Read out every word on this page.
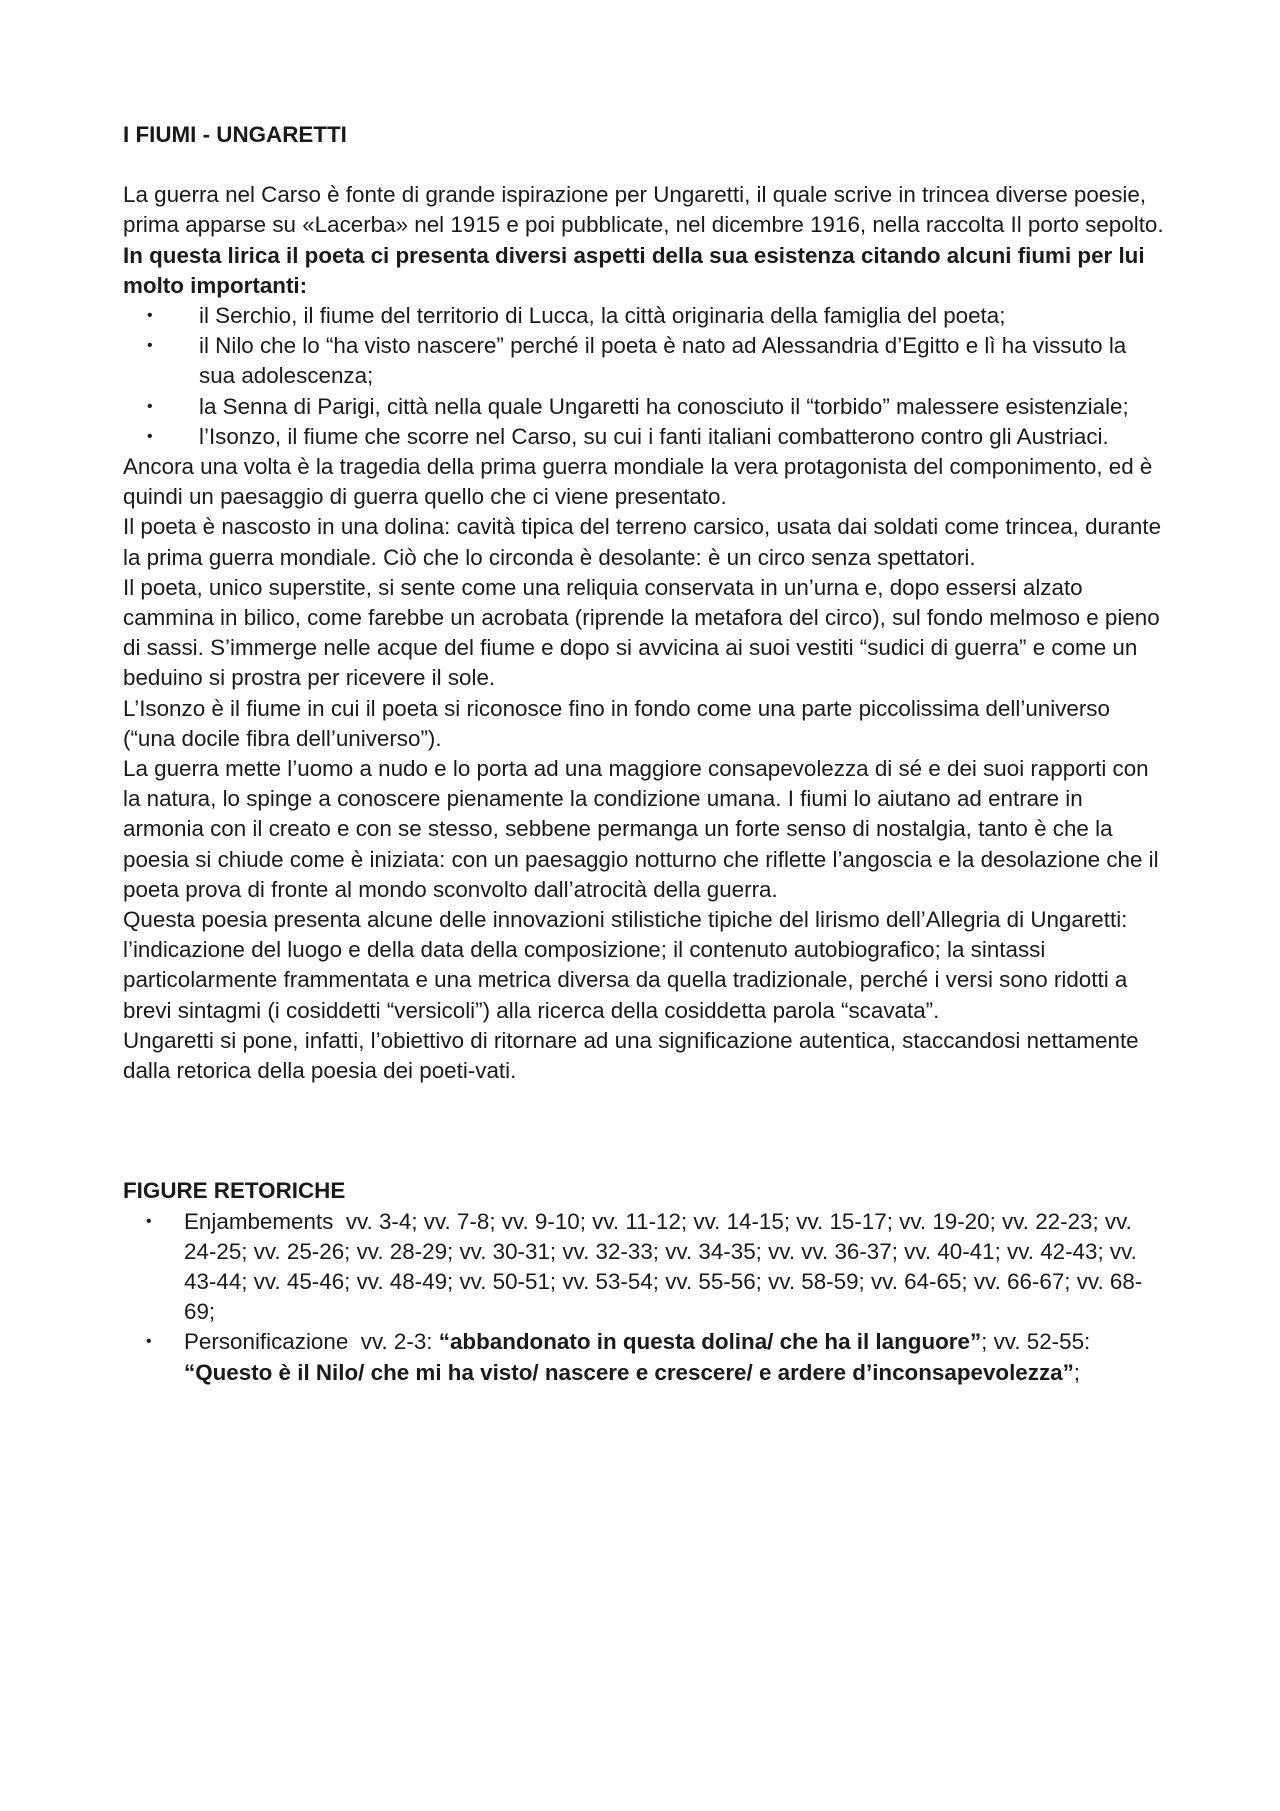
I FIUMI - UNGARETTI

La guerra nel Carso è fonte di grande ispirazione per Ungaretti, il quale scrive in trincea diverse poesie, prima apparse su «Lacerba» nel 1915 e poi pubblicate, nel dicembre 1916, nella raccolta Il porto sepolto.

In questa lirica il poeta ci presenta diversi aspetti della sua esistenza citando alcuni fiumi per lui molto importanti:

• il Serchio, il fiume del territorio di Lucca, la città originaria della famiglia del poeta;
• il Nilo che lo “ha visto nascere” perché il poeta è nato ad Alessandria d’Egitto e lì ha vissuto la sua adolescenza;
• la Senna di Parigi, città nella quale Ungaretti ha conosciuto il “torbido” malessere esistenziale;
• l’Isonzo, il fiume che scorre nel Carso, su cui i fanti italiani combatterono contro gli Austriaci.

Ancora una volta è la tragedia della prima guerra mondiale la vera protagonista del componimento, ed è quindi un paesaggio di guerra quello che ci viene presentato.

Il poeta è nascosto in una dolina: cavità tipica del terreno carsico, usata dai soldati come trincea, durante la prima guerra mondiale. Ciò che lo circonda è desolante: è un circo senza spettatori.

Il poeta, unico superstite, si sente come una reliquia conservata in un’urna e, dopo essersi alzato cammina in bilico, come farebbe un acrobata (riprende la metafora del circo), sul fondo melmoso e pieno di sassi. S’immerge nelle acque del fiume e dopo si avvicina ai suoi vestiti “sudici di guerra” e come un beduino si prostra per ricevere il sole.

L’Isonzo è il fiume in cui il poeta si riconosce fino in fondo come una parte piccolissima dell’universo (“una docile fibra dell’universo”).

La guerra mette l’uomo a nudo e lo porta ad una maggiore consapevolezza di sé e dei suoi rapporti con la natura, lo spinge a conoscere pienamente la condizione umana. I fiumi lo aiutano ad entrare in armonia con il creato e con se stesso, sebbene permanga un forte senso di nostalgia, tanto è che la poesia si chiude come è iniziata: con un paesaggio notturno che riflette l’angoscia e la desolazione che il poeta prova di fronte al mondo sconvolto dall’atrocità della guerra.

Questa poesia presenta alcune delle innovazioni stilistiche tipiche del lirismo dell’Allegria di Ungaretti: l’indicazione del luogo e della data della composizione; il contenuto autobiografico; la sintassi particolarmente frammentata e una metrica diversa da quella tradizionale, perché i versi sono ridotti a brevi sintagmi (i cosiddetti “versicoli”) alla ricerca della cosiddetta parola “scavata”.

Ungaretti si pone, infatti, l’obiettivo di ritornare ad una significazione autentica, staccandosi nettamente dalla retorica della poesia dei poeti-vati.

FIGURE RETORICHE
• Enjambements vv. 3-4; vv. 7-8; vv. 9-10; vv. 11-12; vv. 14-15; vv. 15-17; vv. 19-20; vv. 22-23; vv. 24-25; vv. 25-26; vv. 28-29; vv. 30-31; vv. 32-33; vv. 34-35; vv. vv. 36-37; vv. 40-41; vv. 42-43; vv. 43-44; vv. 45-46; vv. 48-49; vv. 50-51; vv. 53-54; vv. 55-56; vv. 58-59; vv. 64-65; vv. 66-67; vv. 68-69;
• Personificazione vv. 2-3: “abbandonato in questa dolina/ che ha il languore”; vv. 52-55: “Questo è il Nilo/ che mi ha visto/ nascere e crescere/ e ardere d’inconsapevolezza”;
